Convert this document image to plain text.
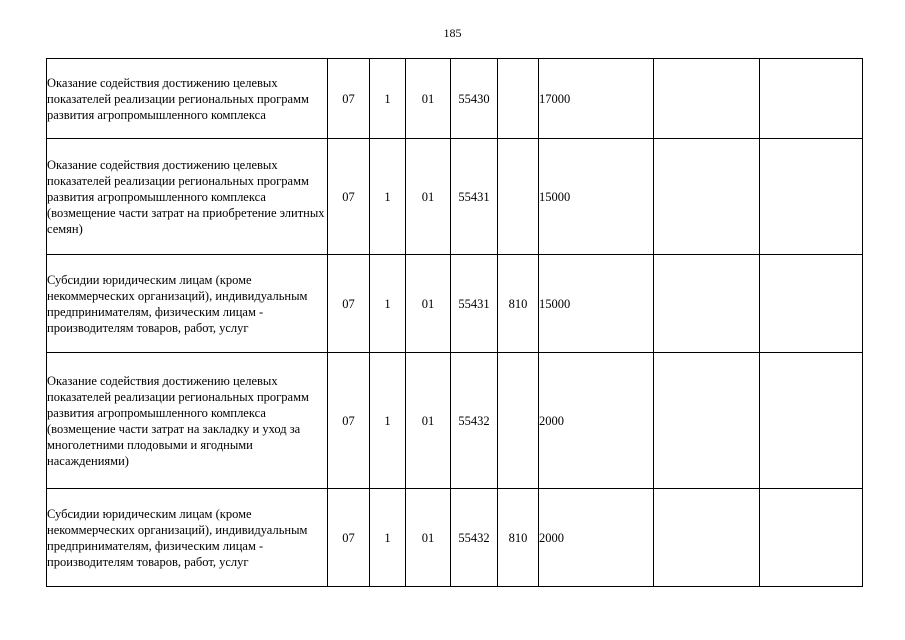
185
Оказание содействия достижению целевых показателей реализации региональных программ развития агропромышленного комплекса	07	1	01	55430		17000		
Оказание содействия достижению целевых показателей реализации региональных программ развития агропромышленного комплекса (возмещение части затрат на приобретение элитных семян)	07	1	01	55431		15000		
Субсидии юридическим лицам (кроме некоммерческих организаций), индивидуальным предпринимателям, физическим лицам - производителям товаров, работ, услуг	07	1	01	55431	810	15000		
Оказание содействия достижению целевых показателей реализации региональных программ развития агропромышленного комплекса (возмещение части затрат на закладку и уход за многолетними плодовыми и ягодными насаждениями)	07	1	01	55432		2000		
Субсидии юридическим лицам (кроме некоммерческих организаций), индивидуальным предпринимателям, физическим лицам - производителям товаров, работ, услуг	07	1	01	55432	810	2000		
